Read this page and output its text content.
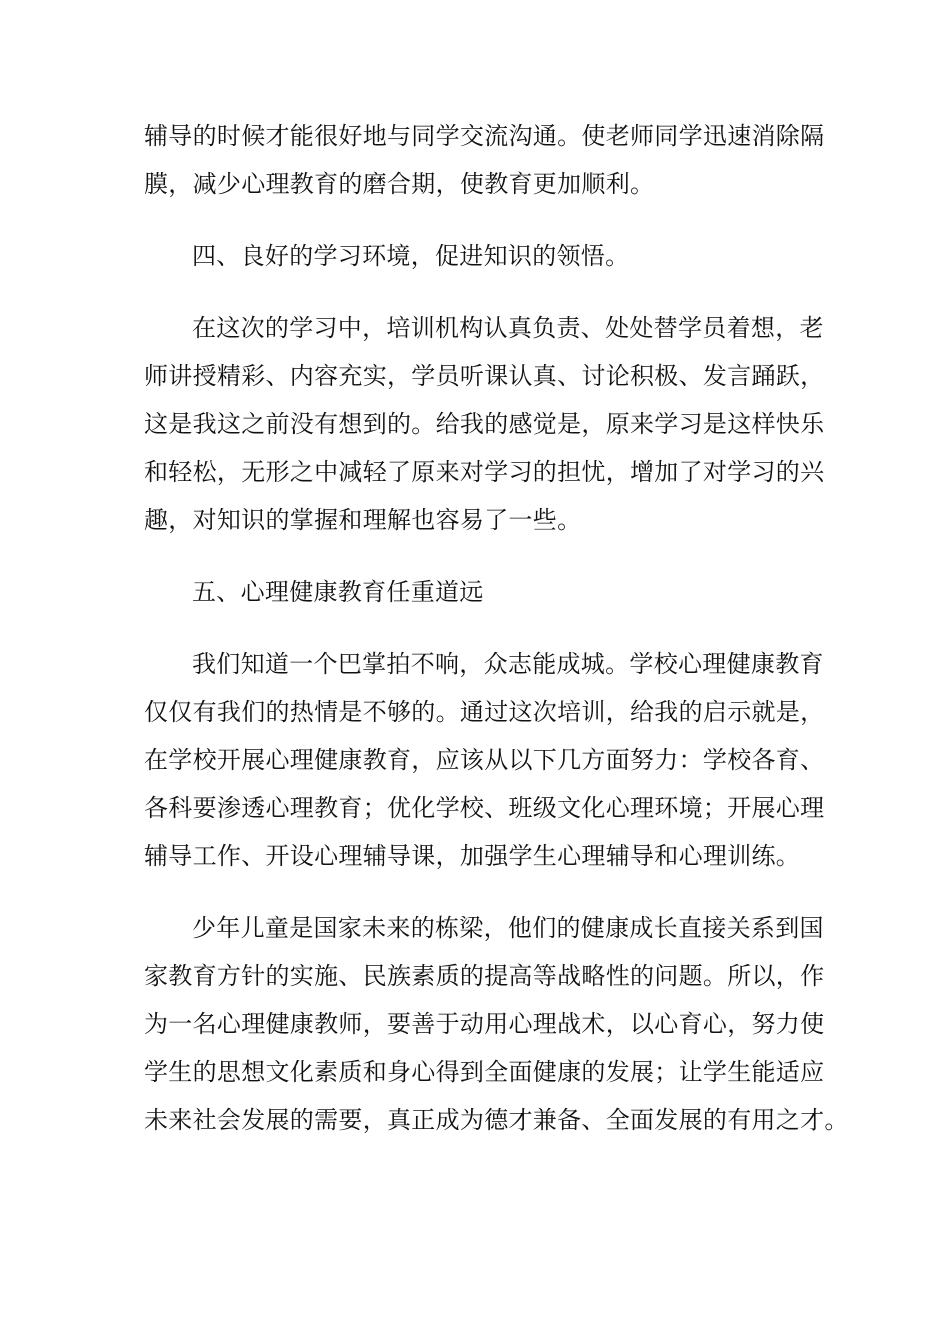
辅导的时候才能很好地与同学交流沟通。使老师同学迅速消除隔
膜，减少心理教育的磨合期，使教育更加顺利。

四、良好的学习环境，促进知识的领悟。

在这次的学习中，培训机构认真负责、处处替学员着想，老
师讲授精彩、内容充实，学员听课认真、讨论积极、发言踊跃，
这是我这之前没有想到的。给我的感觉是，原来学习是这样快乐
和轻松，无形之中减轻了原来对学习的担忧，增加了对学习的兴
趣，对知识的掌握和理解也容易了一些。

五、心理健康教育任重道远

我们知道一个巴掌拍不响，众志能成城。学校心理健康教育
仅仅有我们的热情是不够的。通过这次培训，给我的启示就是，
在学校开展心理健康教育，应该从以下几方面努力：学校各育、
各科要渗透心理教育；优化学校、班级文化心理环境；开展心理
辅导工作、开设心理辅导课，加强学生心理辅导和心理训练。

少年儿童是国家未来的栋梁，他们的健康成长直接关系到国
家教育方针的实施、民族素质的提高等战略性的问题。所以，作
为一名心理健康教师，要善于动用心理战术，以心育心，努力使
学生的思想文化素质和身心得到全面健康的发展；让学生能适应
未来社会发展的需要，真正成为德才兼备、全面发展的有用之才。
